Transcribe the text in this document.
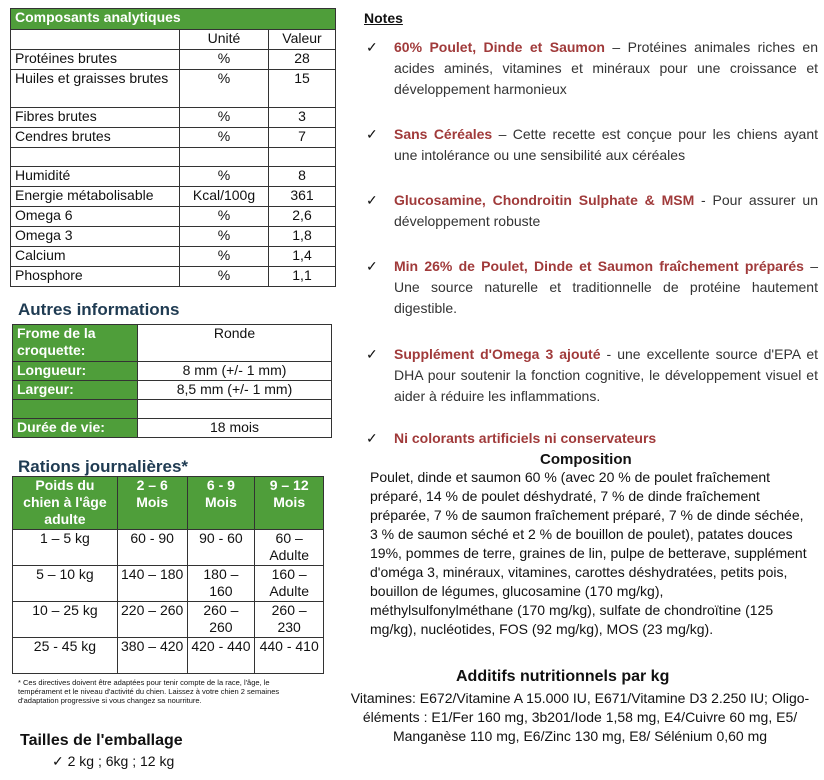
Composants analytiques		
	Unité	Valeur
Protéines brutes	%	28
Huiles et graisses brutes	%	15
Fibres brutes	%	3
Cendres brutes	%	7

Humidité	%	8
Energie métabolisable	Kcal/100g	361
Omega 6	%	2,6
Omega 3	%	1,8
Calcium	%	1,4
Phosphore	%	1,1
Autres informations
Frome de la croquette:	Ronde
Longueur:	8 mm (+/- 1 mm)
Largeur:	8,5 mm (+/- 1 mm)

Durée de vie:	18 mois
Rations journalières*
Poids du chien à l'âge adulte	2 – 6 Mois	6 - 9 Mois	9 – 12 Mois
1 – 5 kg	60 - 90	90 - 60	60 – Adulte
5 – 10 kg	140 – 180	180 – 160	160 – Adulte
10 – 25 kg	220 – 260	260 – 260	260 – 230
25 - 45 kg	380 – 420	420 - 440	440 - 410
* Ces directives doivent être adaptées pour tenir compte de la race, l'âge, le tempérament et le niveau d'activité du chien. Laissez à votre chien 2 semaines d'adaptation progressive si vous changez sa nourriture.
Tailles de l'emballage
✓ 2 kg ; 6kg ; 12 kg
Notes
✓ 60% Poulet, Dinde et Saumon – Protéines animales riches en acides aminés, vitamines et minéraux pour une croissance et développement harmonieux
✓ Sans Céréales – Cette recette est conçue pour les chiens ayant une intolérance ou une sensibilité aux céréales
✓ Glucosamine, Chondroitin Sulphate & MSM - Pour assurer un développement robuste
✓ Min 26% de Poulet, Dinde et Saumon fraîchement préparés – Une source naturelle et traditionnelle de protéine hautement digestible.
✓ Supplément d'Omega 3 ajouté - une excellente source d'EPA et DHA pour soutenir la fonction cognitive, le développement visuel et aider à réduire les inflammations.
✓ Ni colorants artificiels ni conservateurs
Composition
Poulet, dinde et saumon 60 % (avec 20 % de poulet fraîchement préparé, 14 % de poulet déshydraté, 7 % de dinde fraîchement préparée, 7 % de saumon fraîchement préparé, 7 % de dinde séchée, 3 % de saumon séché et 2 % de bouillon de poulet), patates douces 19%, pommes de terre, graines de lin, pulpe de betterave, supplément d'oméga 3, minéraux, vitamines, carottes déshydratées, petits pois, bouillon de légumes, glucosamine (170 mg/kg), méthylsulfonylméthane (170 mg/kg), sulfate de chondroïtine (125 mg/kg), nucléotides, FOS (92 mg/kg), MOS (23 mg/kg).
Additifs nutritionnels par kg
Vitamines: E672/Vitamine A 15.000 IU, E671/Vitamine D3 2.250 IU; Oligo-éléments : E1/Fer 160 mg, 3b201/Iode 1,58 mg, E4/Cuivre 60 mg, E5/ Manganèse 110 mg, E6/Zinc 130 mg, E8/ Sélénium 0,60 mg
